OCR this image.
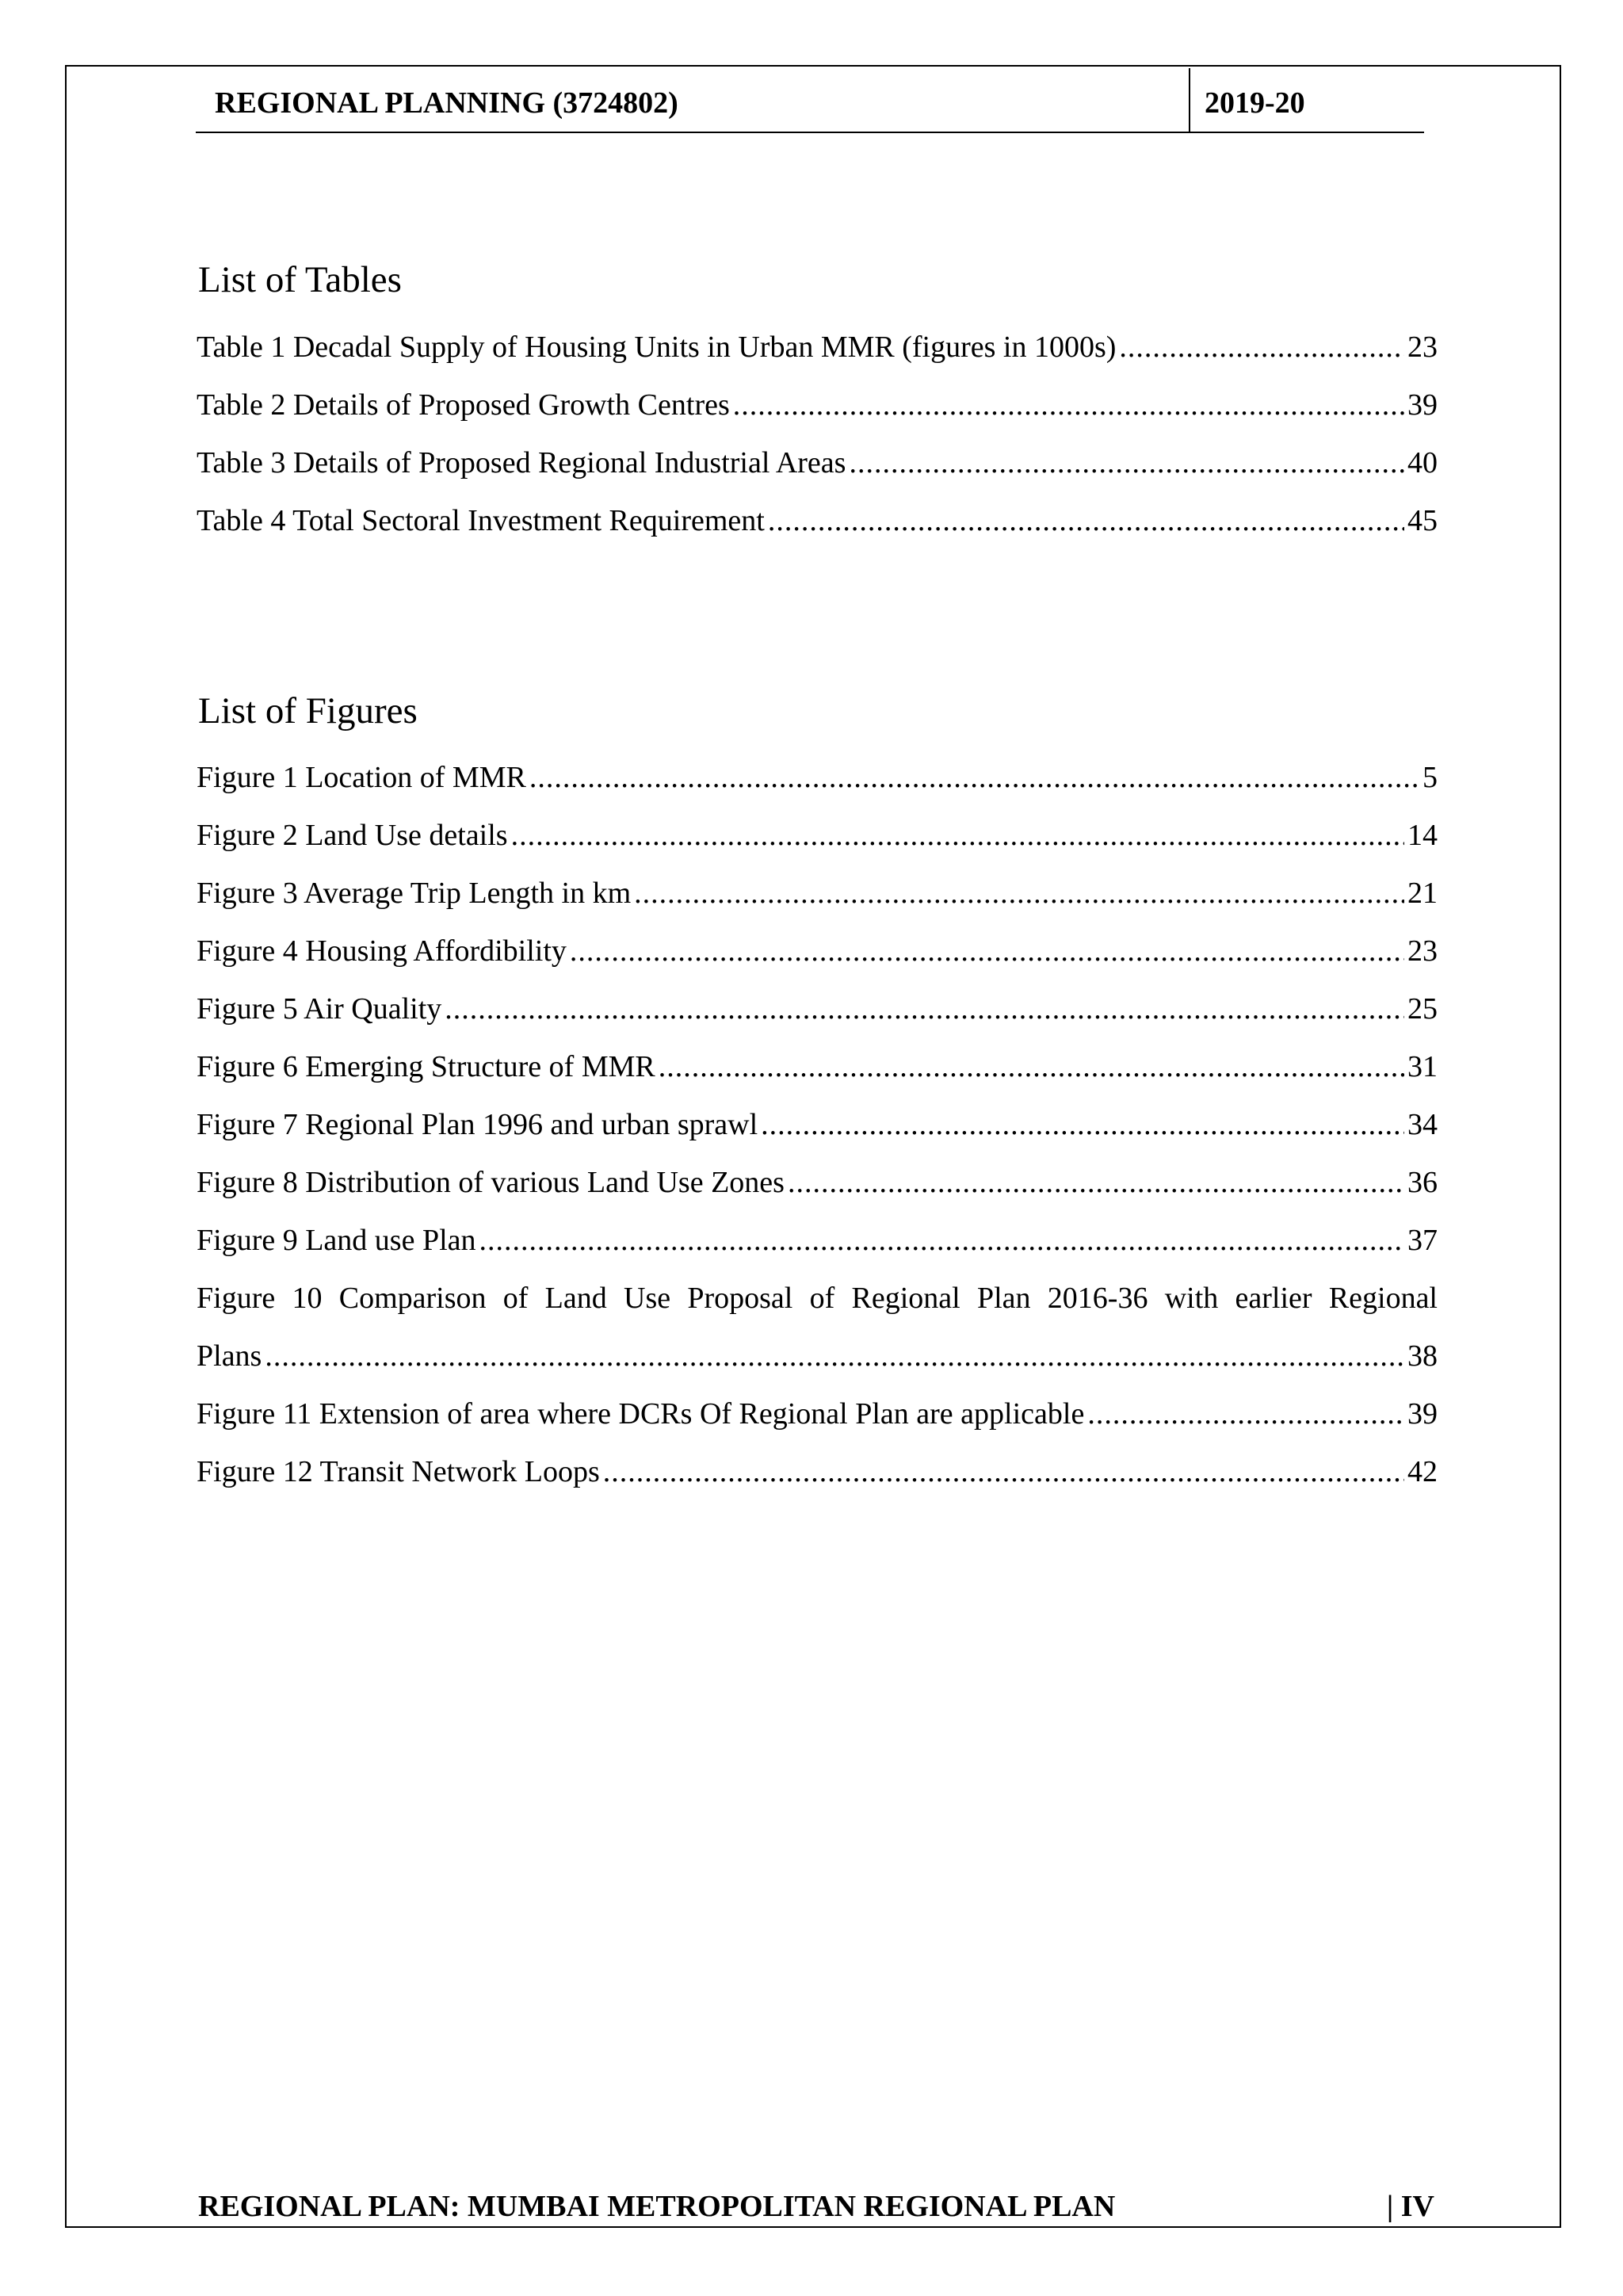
REGIONAL PLANNING (3724802)	2019-20
List of Tables
Table 1 Decadal Supply of Housing Units in Urban MMR (figures in 1000s) .....	23
Table 2 Details of Proposed Growth Centres .....	39
Table 3 Details of Proposed Regional Industrial Areas .....	40
Table 4 Total Sectoral Investment Requirement .....	45
List of Figures
Figure 1 Location of MMR .....	5
Figure 2 Land Use details .....	14
Figure 3 Average Trip Length in km .....	21
Figure 4 Housing Affordibility .....	23
Figure 5 Air Quality .....	25
Figure 6 Emerging Structure of MMR .....	31
Figure 7 Regional Plan 1996 and urban sprawl .....	34
Figure 8 Distribution of various Land Use Zones .....	36
Figure 9 Land use Plan .....	37
Figure 10 Comparison of Land Use Proposal of Regional Plan 2016-36 with earlier Regional
Plans .....	38
Figure 11 Extension of area where DCRs Of Regional Plan are applicable .....	39
Figure 12 Transit Network Loops .....	42
REGIONAL PLAN: MUMBAI METROPOLITAN REGIONAL PLAN	| IV
